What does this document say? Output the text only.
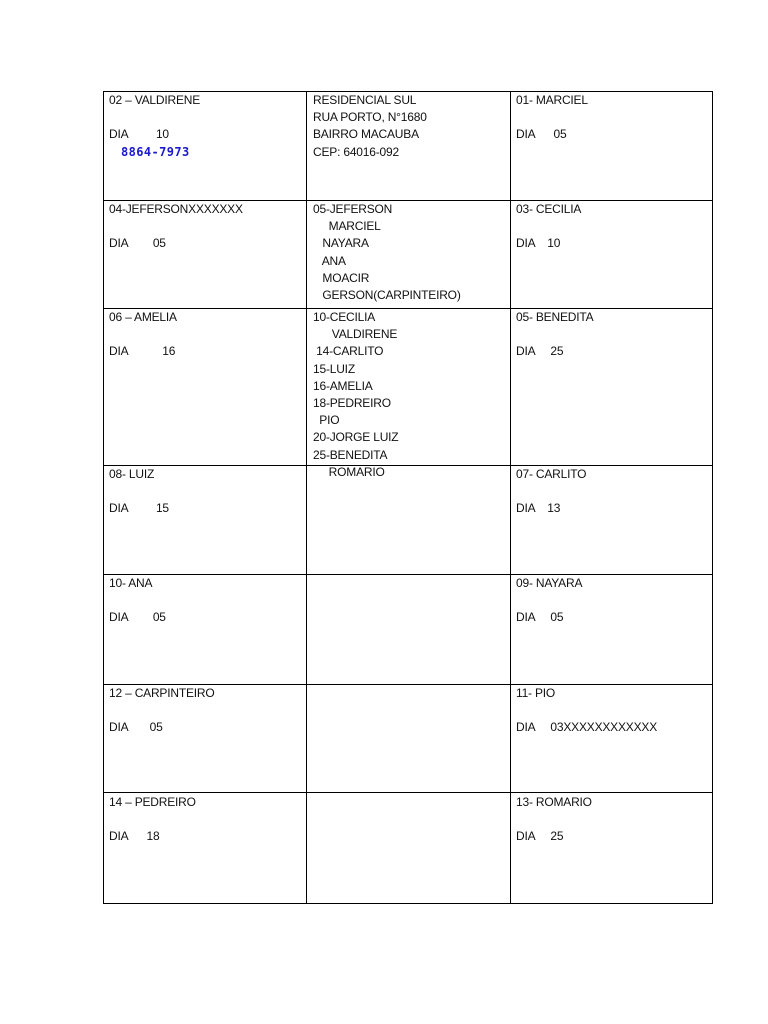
02 – VALDIRENE
DIA         10
8864-7973
RESIDENCIAL SUL
RUA PORTO, N°1680
BAIRRO MACAUBA
CEP: 64016-092
01- MARCIEL
DIA      05
04-JEFERSONXXXXXXX
DIA        05
05-JEFERSON
MARCIEL
NAYARA
ANA
MOACIR
GERSON(CARPINTEIRO)
03- CECILIA
DIA    10
06 – AMELIA
DIA           16
10-CECILIA
VALDIRENE
14-CARLITO
15-LUIZ
16-AMELIA
18-PEDREIRO
PIO
20-JORGE LUIZ
25-BENEDITA
ROMARIO
05- BENEDITA
DIA     25
08- LUIZ
DIA         15
07- CARLITO
DIA    13
10- ANA
DIA        05
09- NAYARA
DIA     05
12 – CARPINTEIRO
DIA       05
11- PIO
DIA     03XXXXXXXXXXXX
14 – PEDREIRO
DIA      18
13- ROMARIO
DIA     25
